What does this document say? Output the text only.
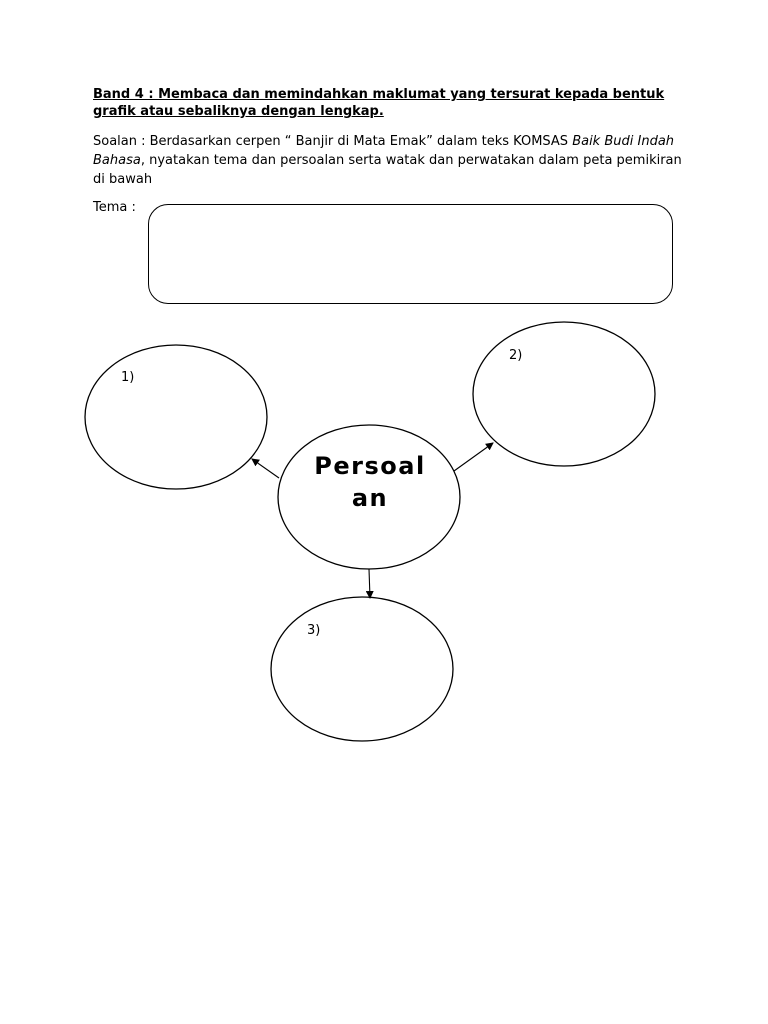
Band 4 : Membaca dan memindahkan maklumat yang tersurat kepada bentuk grafik atau sebaliknya dengan lengkap.
Soalan : Berdasarkan cerpen “ Banjir di Mata Emak” dalam teks KOMSAS Baik Budi Indah Bahasa, nyatakan tema dan persoalan serta watak dan perwatakan dalam peta pemikiran di bawah
Tema :
1)
2)
3)
Persoal
an
